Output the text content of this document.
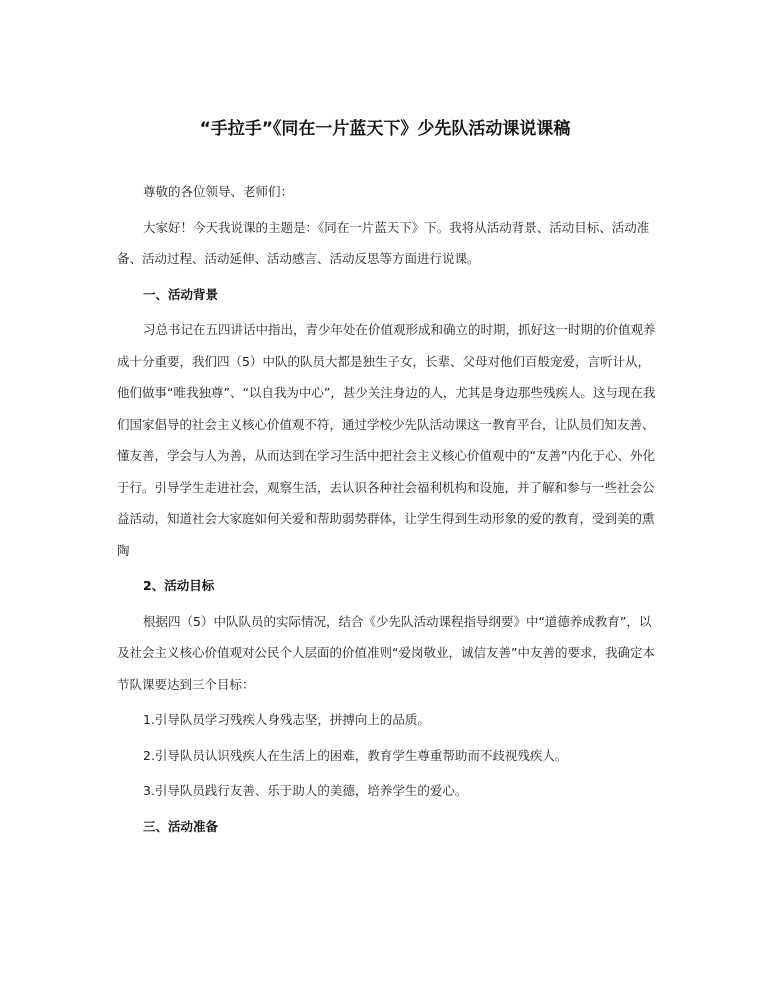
“手拉手”《同在一片蓝天下》少先队活动课说课稿

尊敬的各位领导、老师们：

大家好！今天我说课的主题是：《同在一片蓝天下》下。我将从活动背景、活动目标、活动准备、活动过程、活动延伸、活动感言、活动反思等方面进行说课。

一、活动背景

习总书记在五四讲话中指出，青少年处在价值观形成和确立的时期，抓好这一时期的价值观养成十分重要，我们四（5）中队的队员大都是独生子女，长辈、父母对他们百般宠爱，言听计从，他们做事“唯我独尊”、“以自我为中心”，甚少关注身边的人，尤其是身边那些残疾人。这与现在我们国家倡导的社会主义核心价值观不符，通过学校少先队活动课这一教育平台，让队员们知友善、懂友善，学会与人为善，从而达到在学习生活中把社会主义核心价值观中的“友善”内化于心、外化于行。引导学生走进社会，观察生活，去认识各种社会福利机构和设施，并了解和参与一些社会公益活动，知道社会大家庭如何关爱和帮助弱势群体，让学生得到生动形象的爱的教育，受到美的熏陶

2、活动目标

根据四（5）中队队员的实际情况，结合《少先队活动课程指导纲要》中“道德养成教育”，以及社会主义核心价值观对公民个人层面的价值准则“爱岗敬业，诚信友善”中友善的要求，我确定本节队课要达到三个目标：

1.引导队员学习残疾人身残志坚，拼搏向上的品质。

2.引导队员认识残疾人在生活上的困难，教育学生尊重帮助而不歧视残疾人。

3.引导队员践行友善、乐于助人的美德，培养学生的爱心。

三、活动准备
